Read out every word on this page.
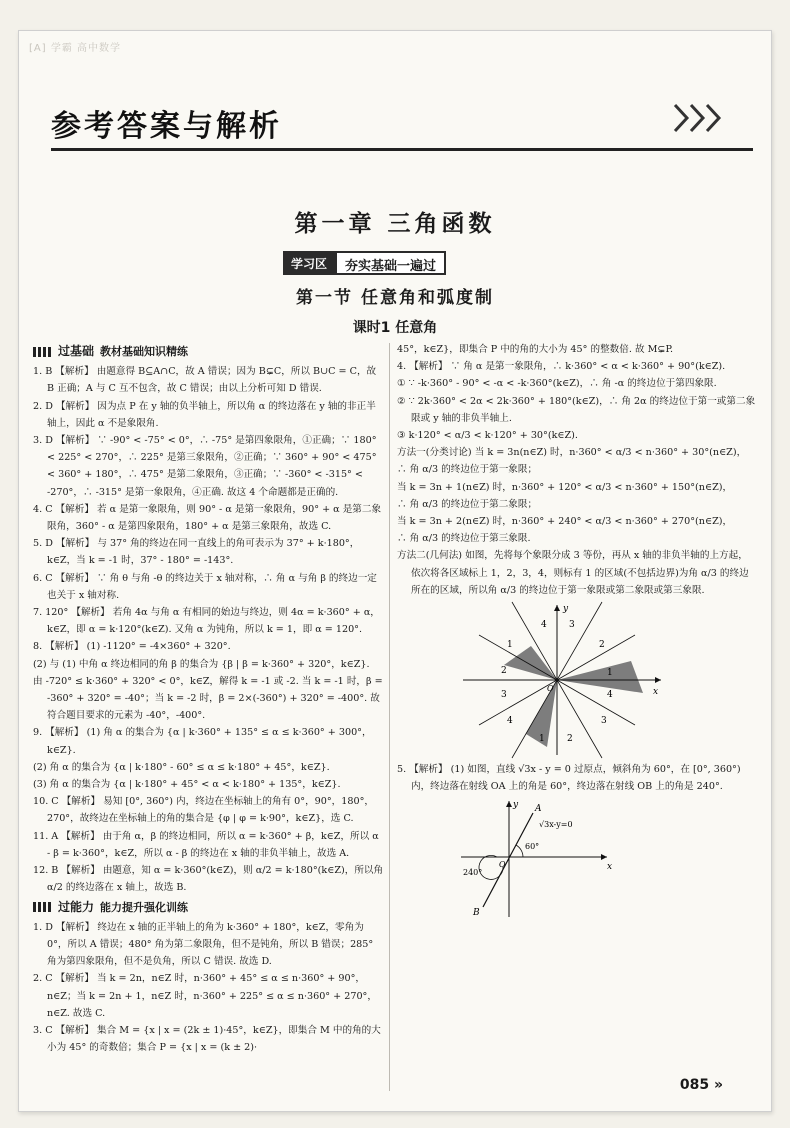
[A] 学霸 高中数学
参考答案与解析
第一章 三角函数
学习区	夯实基础一遍过
第一节 任意角和弧度制
课时1 任意角
过基础 教材基础知识精练
1. B 【解析】 由题意得 B⊆A∩C，故 A 错误；因为 B⊊C，所以 B∪C = C，故 B 正确；A 与 C 互不包含，故 C 错误；由以上分析可知 D 错误.
2. D 【解析】 因为点 P 在 y 轴的负半轴上，所以角 α 的终边落在 y 轴的非正半轴上，因此 α 不是象限角.
3. D 【解析】 ∵ -90° < -75° < 0°，∴ -75° 是第四象限角，①正确；∵ 180° < 225° < 270°，∴ 225° 是第三象限角，②正确；∵ 360° + 90° < 475° < 360° + 180°，∴ 475° 是第二象限角，③正确；∵ -360° < -315° < -270°，∴ -315° 是第一象限角，④正确. 故这 4 个命题都是正确的.
4. C 【解析】 若 α 是第一象限角，则 90° - α 是第一象限角，90° + α 是第二象限角，360° - α 是第四象限角，180° + α 是第三象限角，故选 C.
5. D 【解析】 与 37° 角的终边在同一直线上的角可表示为 37° + k·180°，k∈Z，当 k = -1 时，37° - 180° = -143°.
6. C 【解析】 ∵ 角 θ 与角 -θ 的终边关于 x 轴对称，∴ 角 α 与角 β 的终边一定也关于 x 轴对称.
7. 120° 【解析】 若角 4α 与角 α 有相同的始边与终边，则 4α = k·360° + α，k∈Z，即 α = k·120°(k∈Z). 又角 α 为钝角，所以 k = 1，即 α = 120°.
8. 【解析】 (1) -1120° = -4×360° + 320°.
(2) 与 (1) 中角 α 终边相同的角 β 的集合为 {β | β = k·360° + 320°，k∈Z}.
由 -720° ≤ k·360° + 320° < 0°，k∈Z，解得 k = -1 或 -2. 当 k = -1 时，β = -360° + 320° = -40°；当 k = -2 时，β = 2×(-360°) + 320° = -400°. 故符合题目要求的元素为 -40°，-400°.
9. 【解析】 (1) 角 α 的集合为 {α | k·360° + 135° ≤ α ≤ k·360° + 300°，k∈Z}.
(2) 角 α 的集合为 {α | k·180° - 60° ≤ α ≤ k·180° + 45°，k∈Z}.
(3) 角 α 的集合为 {α | k·180° + 45° < α < k·180° + 135°，k∈Z}.
10. C 【解析】 易知 [0°, 360°) 内，终边在坐标轴上的角有 0°，90°，180°，270°，故终边在坐标轴上的角的集合是 {φ | φ = k·90°，k∈Z}，选 C.
11. A 【解析】 由于角 α，β 的终边相同，所以 α = k·360° + β，k∈Z，所以 α - β = k·360°，k∈Z，所以 α - β 的终边在 x 轴的非负半轴上，故选 A.
12. B 【解析】 由题意，知 α = k·360°(k∈Z)，则 α/2 = k·180°(k∈Z)，所以角 α/2 的终边落在 x 轴上，故选 B.
过能力 能力提升强化训练
1. D 【解析】 终边在 x 轴的正半轴上的角为 k·360° + 180°，k∈Z，零角为 0°，所以 A 错误；480° 角为第二象限角，但不是钝角，所以 B 错误；285° 角为第四象限角，但不是负角，所以 C 错误. 故选 D.
2. C 【解析】 当 k = 2n，n∈Z 时，n·360° + 45° ≤ α ≤ n·360° + 90°，n∈Z；当 k = 2n + 1，n∈Z 时，n·360° + 225° ≤ α ≤ n·360° + 270°，n∈Z. 故选 C.
3. C 【解析】 集合 M = {x | x = (2k ± 1)·45°，k∈Z}，即集合 M 中的角的大小为 45° 的奇数倍；集合 P = {x | x = (k ± 2)·
45°，k∈Z}，即集合 P 中的角的大小为 45° 的整数倍. 故 M⊊P.
4. 【解析】 ∵ 角 α 是第一象限角，∴ k·360° < α < k·360° + 90°(k∈Z).
① ∵ -k·360° - 90° < -α < -k·360°(k∈Z)，∴ 角 -α 的终边位于第四象限.
② ∵ 2k·360° < 2α < 2k·360° + 180°(k∈Z)，∴ 角 2α 的终边位于第一或第二象限或 y 轴的非负半轴上.
③ k·120° < α/3 < k·120° + 30°(k∈Z).
方法一(分类讨论) 当 k = 3n(n∈Z) 时，n·360° < α/3 < n·360° + 30°(n∈Z)，
∴ 角 α/3 的终边位于第一象限；
当 k = 3n + 1(n∈Z) 时，n·360° + 120° < α/3 < n·360° + 150°(n∈Z)，
∴ 角 α/3 的终边位于第二象限；
当 k = 3n + 2(n∈Z) 时，n·360° + 240° < α/3 < n·360° + 270°(n∈Z)，
∴ 角 α/3 的终边位于第三象限.
方法二(几何法) 如图，先将每个象限分成 3 等份，再从 x 轴的非负半轴的上方起，依次将各区域标上 1，2，3，4，则标有 1 的区域(不包括边界)为角 α/3 的终边所在的区域，所以角 α/3 的终边位于第一象限或第二象限或第三象限.
y
x
O
1
2
3
4
1
2
3
4
1 2
3
4
5. 【解析】 (1) 如图，直线 √3x - y = 0 过原点，倾斜角为 60°，在 [0°, 360°) 内，终边落在射线 OA 上的角是 60°，终边落在射线 OB 上的角是 240°.
A
√3x-y=0
60°
240°
B
O	x
y
085 »
